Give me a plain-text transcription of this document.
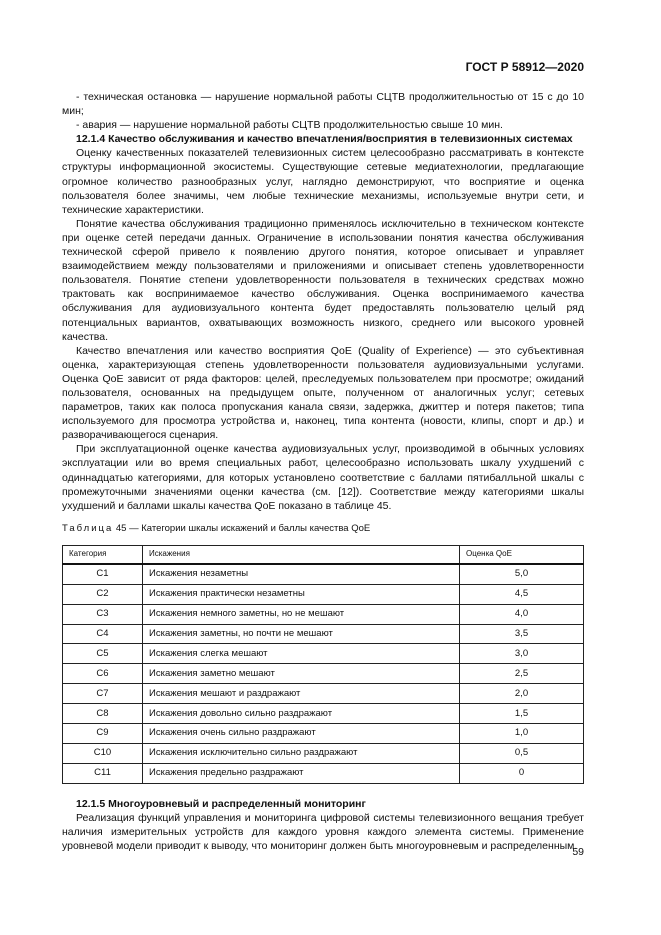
ГОСТ Р 58912—2020

- техническая остановка — нарушение нормальной работы СЦТВ продолжительностью от 15 с до 10 мин;

- авария — нарушение нормальной работы СЦТВ продолжительностью свыше 10 мин.

12.1.4 Качество обслуживания и качество впечатления/восприятия в телевизионных системах

Оценку качественных показателей телевизионных систем целесообразно рассматривать в контексте структуры информационной экосистемы. Существующие сетевые медиатехнологии, предлагающие огромное количество разнообразных услуг, наглядно демонстрируют, что восприятие и оценка пользователя более значимы, чем любые технические механизмы, используемые внутри сети, и технические характеристики.

Понятие качества обслуживания традиционно применялось исключительно в техническом контексте при оценке сетей передачи данных. Ограничение в использовании понятия качества обслуживания технической сферой привело к появлению другого понятия, которое описывает и управляет взаимодействием между пользователями и приложениями и описывает степень удовлетворенности пользователя. Понятие степени удовлетворенности пользователя в технических средствах можно трактовать как воспринимаемое качество обслуживания. Оценка воспринимаемого качества обслуживания для аудиовизуального контента будет предоставлять пользователю целый ряд потенциальных вариантов, охватывающих возможность низкого, среднего или высокого уровней качества.

Качество впечатления или качество восприятия QoE (Quality of Experience) — это субъективная оценка, характеризующая степень удовлетворенности пользователя аудиовизуальными услугами. Оценка QoE зависит от ряда факторов: целей, преследуемых пользователем при просмотре; ожиданий пользователя, основанных на предыдущем опыте, полученном от аналогичных услуг; сетевых параметров, таких как полоса пропускания канала связи, задержка, джиттер и потеря пакетов; типа используемого для просмотра устройства и, наконец, типа контента (новости, клипы, спорт и др.) и разворачивающегося сценария.

При эксплуатационной оценке качества аудиовизуальных услуг, производимой в обычных условиях эксплуатации или во время специальных работ, целесообразно использовать шкалу ухудшений с одиннадцатью категориями, для которых установлено соответствие с баллами пятибалльной шкалы с промежуточными значениями оценки качества (см. [12]). Соответствие между категориями шкалы ухудшений и баллами шкалы качества QoE показано в таблице 45.

Таблица 45 — Категории шкалы искажений и баллы качества QoE

Категория	Искажения	Оценка QoE
С1	Искажения незаметны	5,0
С2	Искажения практически незаметны	4,5
С3	Искажения немного заметны, но не мешают	4,0
С4	Искажения заметны, но почти не мешают	3,5
С5	Искажения слегка мешают	3,0
С6	Искажения заметно мешают	2,5
С7	Искажения мешают и раздражают	2,0
С8	Искажения довольно сильно раздражают	1,5
С9	Искажения очень сильно раздражают	1,0
С10	Искажения исключительно сильно раздражают	0,5
С11	Искажения предельно раздражают	0

12.1.5 Многоуровневый и распределенный мониторинг

Реализация функций управления и мониторинга цифровой системы телевизионного вещания требует наличия измерительных устройств для каждого уровня каждого элемента системы. Применение уровневой модели приводит к выводу, что мониторинг должен быть многоуровневым и распределенным.

59
